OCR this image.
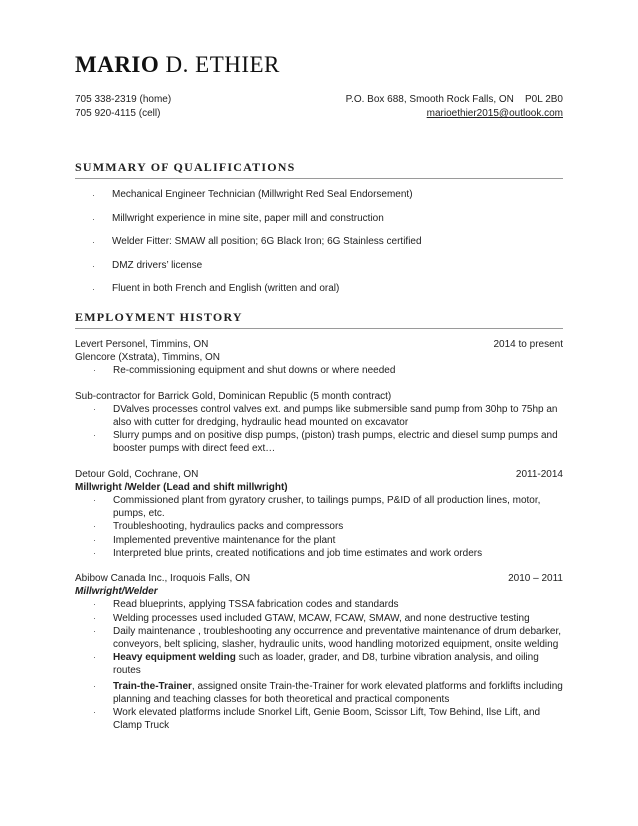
MARIO D. ETHIER
705 338-2319 (home)
705 920-4115 (cell)
P.O. Box 688, Smooth Rock Falls, ON    P0L 2B0
marioethier2015@outlook.com
SUMMARY OF QUALIFICATIONS
· Mechanical Engineer Technician (Millwright Red Seal Endorsement)
· Millwright experience in mine site, paper mill and construction
· Welder Fitter: SMAW all position; 6G Black Iron; 6G Stainless certified
· DMZ drivers’ license
· Fluent in both French and English (written and oral)
EMPLOYMENT HISTORY
Levert Personel, Timmins, ON	2014 to present
Glencore (Xstrata), Timmins, ON
· Re-commissioning equipment and shut downs or where needed
Sub-contractor for Barrick Gold, Dominican Republic (5 month contract)
· DValves processes control valves ext. and pumps like submersible sand pump from 30hp to 75hp an also with cutter for dredging, hydraulic head mounted on excavator
· Slurry pumps and on positive disp pumps, (piston) trash pumps, electric and diesel sump pumps and booster pumps with direct feed ext…
Detour Gold, Cochrane, ON	2011-2014
Millwright /Welder (Lead and shift millwright)
· Commissioned plant from gyratory crusher, to tailings pumps, P&ID of all production lines, motor, pumps, etc.
· Troubleshooting, hydraulics packs and compressors
· Implemented preventive maintenance for the plant
· Interpreted blue prints, created notifications and job time estimates and work orders
Abibow Canada Inc., Iroquois Falls, ON	2010 – 2011
Millwright/Welder
· Read blueprints, applying TSSA fabrication codes and standards
· Welding processes used included GTAW, MCAW, FCAW, SMAW, and none destructive testing
· Daily maintenance , troubleshooting any occurrence and preventative maintenance of drum debarker, conveyors, belt splicing, slasher, hydraulic units, wood handling motorized equipment, onsite welding
· Heavy equipment welding such as loader, grader, and D8, turbine vibration analysis, and oiling routes
· Train-the-Trainer, assigned onsite Train-the-Trainer for work elevated platforms and forklifts including planning and teaching classes for both theoretical and practical components
· Work elevated platforms include Snorkel Lift, Genie Boom, Scissor Lift, Tow Behind, Ilse Lift, and Clamp Truck
